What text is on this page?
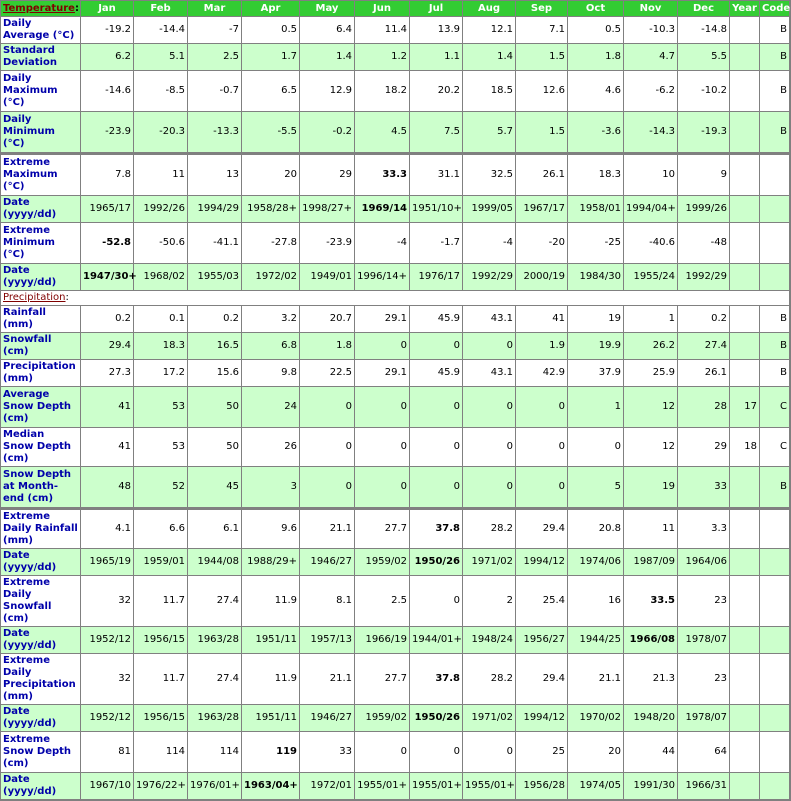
Temperature:	Jan	Feb	Mar	Apr	May	Jun	Jul	Aug	Sep	Oct	Nov	Dec	Year	Code
Daily Average (°C)	-19.2	-14.4	-7	0.5	6.4	11.4	13.9	12.1	7.1	0.5	-10.3	-14.8		B
Standard Deviation	6.2	5.1	2.5	1.7	1.4	1.2	1.1	1.4	1.5	1.8	4.7	5.5		B
Daily Maximum (°C)	-14.6	-8.5	-0.7	6.5	12.9	18.2	20.2	18.5	12.6	4.6	-6.2	-10.2		B
Daily Minimum (°C)	-23.9	-20.3	-13.3	-5.5	-0.2	4.5	7.5	5.7	1.5	-3.6	-14.3	-19.3		B
Extreme Maximum (°C)	7.8	11	13	20	29	33.3	31.1	32.5	26.1	18.3	10	9		
Date (yyyy/dd)	1965/17	1992/26	1994/29	1958/28+	1998/27+	1969/14	1951/10+	1999/05	1967/17	1958/01	1994/04+	1999/26		
Extreme Minimum (°C)	-52.8	-50.6	-41.1	-27.8	-23.9	-4	-1.7	-4	-20	-25	-40.6	-48		
Date (yyyy/dd)	1947/30+	1968/02	1955/03	1972/02	1949/01	1996/14+	1976/17	1992/29	2000/19	1984/30	1955/24	1992/29		
Precipitation:														
Rainfall (mm)	0.2	0.1	0.2	3.2	20.7	29.1	45.9	43.1	41	19	1	0.2		B
Snowfall (cm)	29.4	18.3	16.5	6.8	1.8	0	0	0	1.9	19.9	26.2	27.4		B
Precipitation (mm)	27.3	17.2	15.6	9.8	22.5	29.1	45.9	43.1	42.9	37.9	25.9	26.1		B
Average Snow Depth (cm)	41	53	50	24	0	0	0	0	0	1	12	28	17	C
Median Snow Depth (cm)	41	53	50	26	0	0	0	0	0	0	12	29	18	C
Snow Depth at Month-end (cm)	48	52	45	3	0	0	0	0	0	5	19	33		B
Extreme Daily Rainfall (mm)	4.1	6.6	6.1	9.6	21.1	27.7	37.8	28.2	29.4	20.8	11	3.3		
Date (yyyy/dd)	1965/19	1959/01	1944/08	1988/29+	1946/27	1959/02	1950/26	1971/02	1994/12	1974/06	1987/09	1964/06		
Extreme Daily Snowfall (cm)	32	11.7	27.4	11.9	8.1	2.5	0	2	25.4	16	33.5	23		
Date (yyyy/dd)	1952/12	1956/15	1963/28	1951/11	1957/13	1966/19	1944/01+	1948/24	1956/27	1944/25	1966/08	1978/07		
Extreme Daily Precipitation (mm)	32	11.7	27.4	11.9	21.1	27.7	37.8	28.2	29.4	21.1	21.3	23		
Date (yyyy/dd)	1952/12	1956/15	1963/28	1951/11	1946/27	1959/02	1950/26	1971/02	1994/12	1970/02	1948/20	1978/07		
Extreme Snow Depth (cm)	81	114	114	119	33	0	0	0	25	20	44	64		
Date (yyyy/dd)	1967/10	1976/22+	1976/01+	1963/04+	1972/01	1955/01+	1955/01+	1955/01+	1956/28	1974/05	1991/30	1966/31		
